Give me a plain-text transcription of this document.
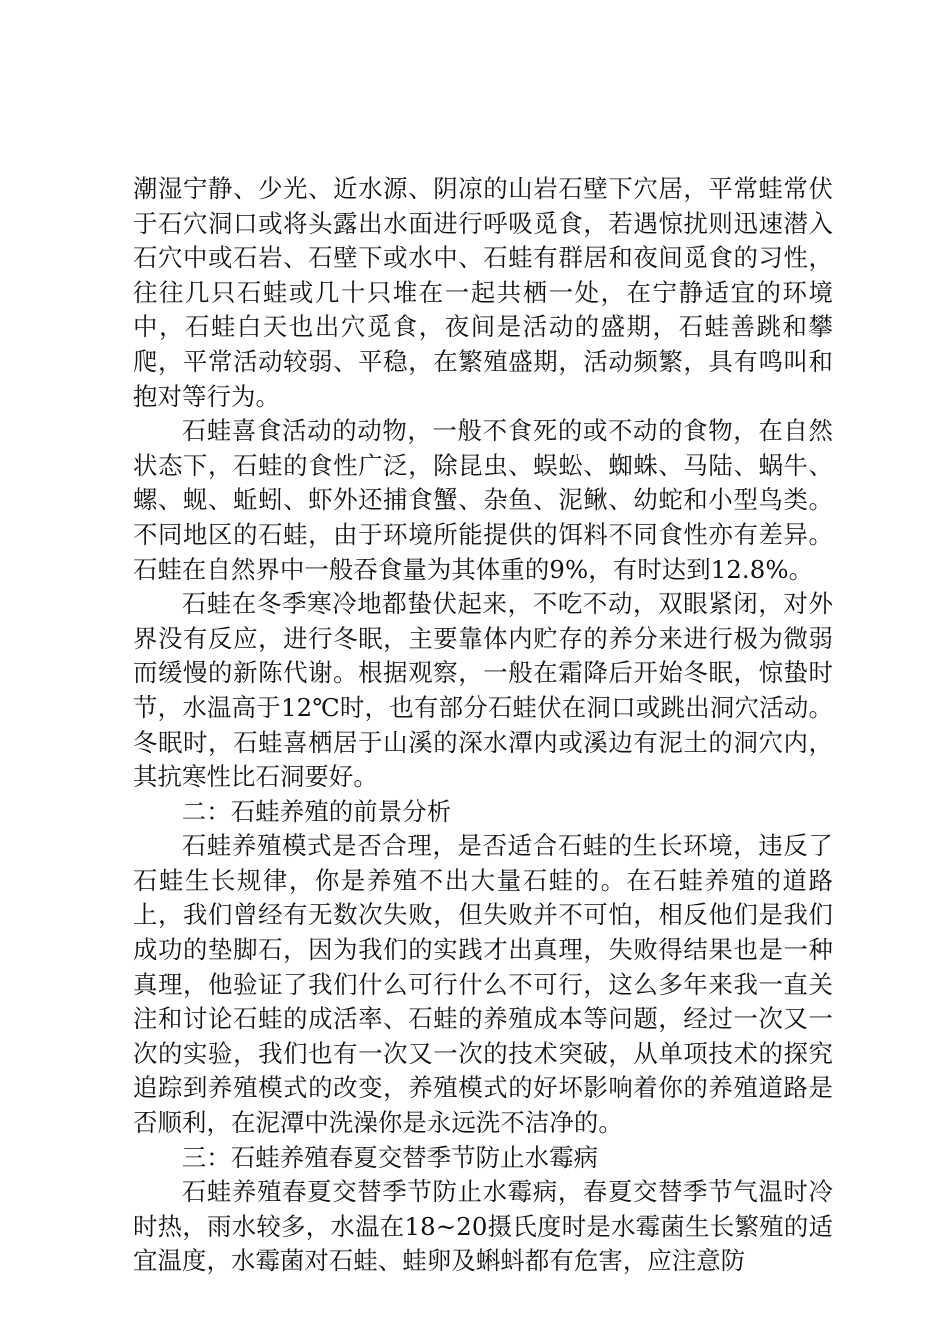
潮湿宁静、少光、近水源、阴凉的山岩石壁下穴居，平常蛙常伏于石穴洞口或将头露出水面进行呼吸觅食，若遇惊扰则迅速潜入石穴中或石岩、石壁下或水中、石蛙有群居和夜间觅食的习性，往往几只石蛙或几十只堆在一起共栖一处，在宁静适宜的环境中，石蛙白天也出穴觅食，夜间是活动的盛期，石蛙善跳和攀爬，平常活动较弱、平稳，在繁殖盛期，活动频繁，具有鸣叫和抱对等行为。

石蛙喜食活动的动物，一般不食死的或不动的食物，在自然状态下，石蛙的食性广泛，除昆虫、蜈蚣、蜘蛛、马陆、蜗牛、螺、蚬、蚯蚓、虾外还捕食蟹、杂鱼、泥鳅、幼蛇和小型鸟类。不同地区的石蛙，由于环境所能提供的饵料不同食性亦有差异。石蛙在自然界中一般吞食量为其体重的9%，有时达到12.8%。

石蛙在冬季寒冷地都蛰伏起来，不吃不动，双眼紧闭，对外界没有反应，进行冬眠，主要靠体内贮存的养分来进行极为微弱而缓慢的新陈代谢。根据观察，一般在霜降后开始冬眠，惊蛰时节，水温高于12℃时，也有部分石蛙伏在洞口或跳出洞穴活动。冬眠时，石蛙喜栖居于山溪的深水潭内或溪边有泥土的洞穴内，其抗寒性比石洞要好。

二：石蛙养殖的前景分析

石蛙养殖模式是否合理，是否适合石蛙的生长环境，违反了石蛙生长规律，你是养殖不出大量石蛙的。在石蛙养殖的道路上，我们曾经有无数次失败，但失败并不可怕，相反他们是我们成功的垫脚石，因为我们的实践才出真理，失败得结果也是一种真理，他验证了我们什么可行什么不可行，这么多年来我一直关注和讨论石蛙的成活率、石蛙的养殖成本等问题，经过一次又一次的实验，我们也有一次又一次的技术突破，从单项技术的探究追踪到养殖模式的改变，养殖模式的好坏影响着你的养殖道路是否顺利，在泥潭中洗澡你是永远洗不洁净的。

三：石蛙养殖春夏交替季节防止水霉病

石蛙养殖春夏交替季节防止水霉病，春夏交替季节气温时冷时热，雨水较多，水温在18~20摄氏度时是水霉菌生长繁殖的适宜温度，水霉菌对石蛙、蛙卵及蝌蚪都有危害，应注意防
